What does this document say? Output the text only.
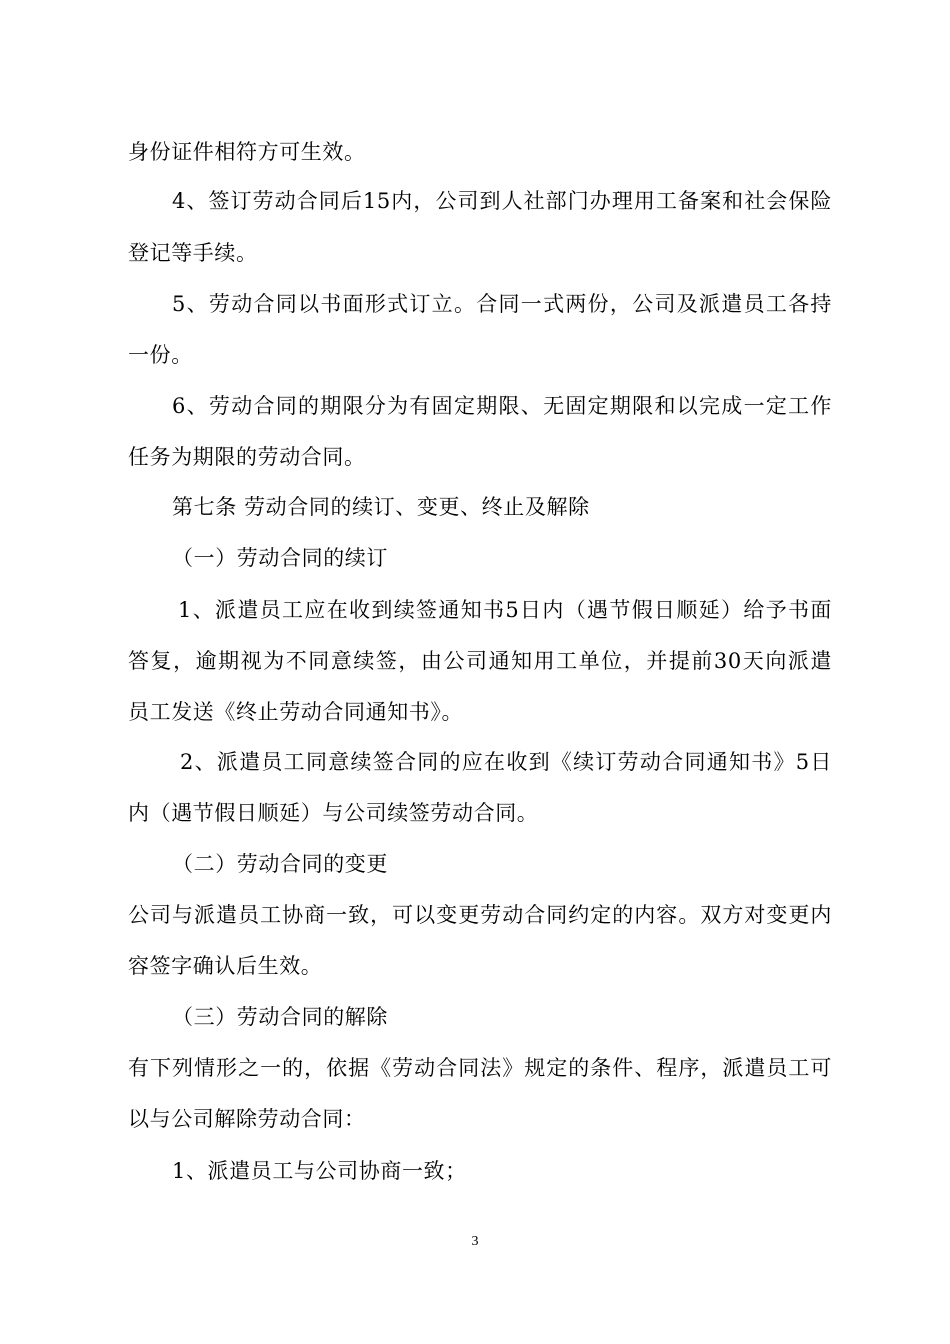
身份证件相符方可生效。
4、签订劳动合同后15内，公司到人社部门办理用工备案和社会保险
登记等手续。
5、劳动合同以书面形式订立。合同一式两份，公司及派遣员工各持
一份。
6、劳动合同的期限分为有固定期限、无固定期限和以完成一定工作
任务为期限的劳动合同。
第七条 劳动合同的续订、变更、终止及解除
（一）劳动合同的续订
1、派遣员工应在收到续签通知书5日内（遇节假日顺延）给予书面
答复，逾期视为不同意续签，由公司通知用工单位，并提前30天向派遣
员工发送《终止劳动合同通知书》。
2、派遣员工同意续签合同的应在收到《续订劳动合同通知书》5日
内（遇节假日顺延）与公司续签劳动合同。
（二）劳动合同的变更
公司与派遣员工协商一致，可以变更劳动合同约定的内容。双方对变更内
容签字确认后生效。
（三）劳动合同的解除
有下列情形之一的，依据《劳动合同法》规定的条件、程序，派遣员工可
以与公司解除劳动合同：
1、派遣员工与公司协商一致；
3
